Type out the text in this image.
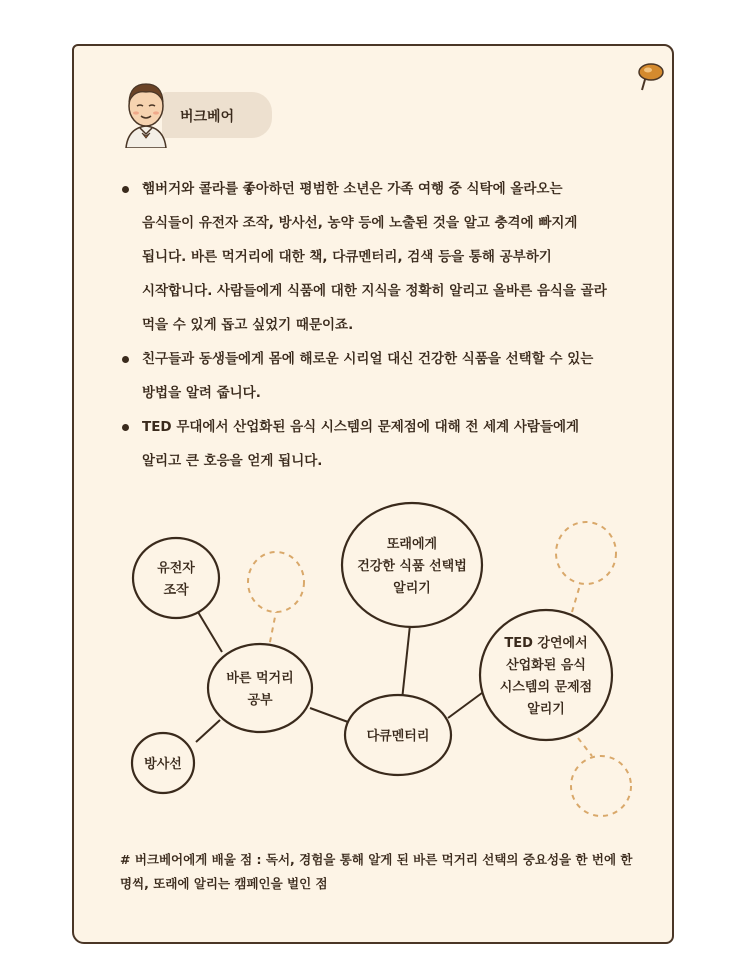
버크베어
햄버거와 콜라를 좋아하던 평범한 소년은 가족 여행 중 식탁에 올라오는
음식들이 유전자 조작, 방사선, 농약 등에 노출된 것을 알고 충격에 빠지게
됩니다. 바른 먹거리에 대한 책, 다큐멘터리, 검색 등을 통해 공부하기
시작합니다. 사람들에게 식품에 대한 지식을 정확히 알리고 올바른 음식을 골라
먹을 수 있게 돕고 싶었기 때문이죠.
친구들과 동생들에게 몸에 해로운 시리얼 대신 건강한 식품을 선택할 수 있는
방법을 알려 줍니다.
TED 무대에서 산업화된 음식 시스템의 문제점에 대해 전 세계 사람들에게
알리고 큰 호응을 얻게 됩니다.
유전자
조작
바른 먹거리
공부
방사선
다큐멘터리
또래에게
건강한 식품 선택법
알리기
TED 강연에서
산업화된 음식
시스템의 문제점
알리기
# 버크베어에게 배울 점 : 독서, 경험을 통해 알게 된 바른 먹거리 선택의 중요성을 한 번에 한
명씩, 또래에 알리는 캠페인을 벌인 점
